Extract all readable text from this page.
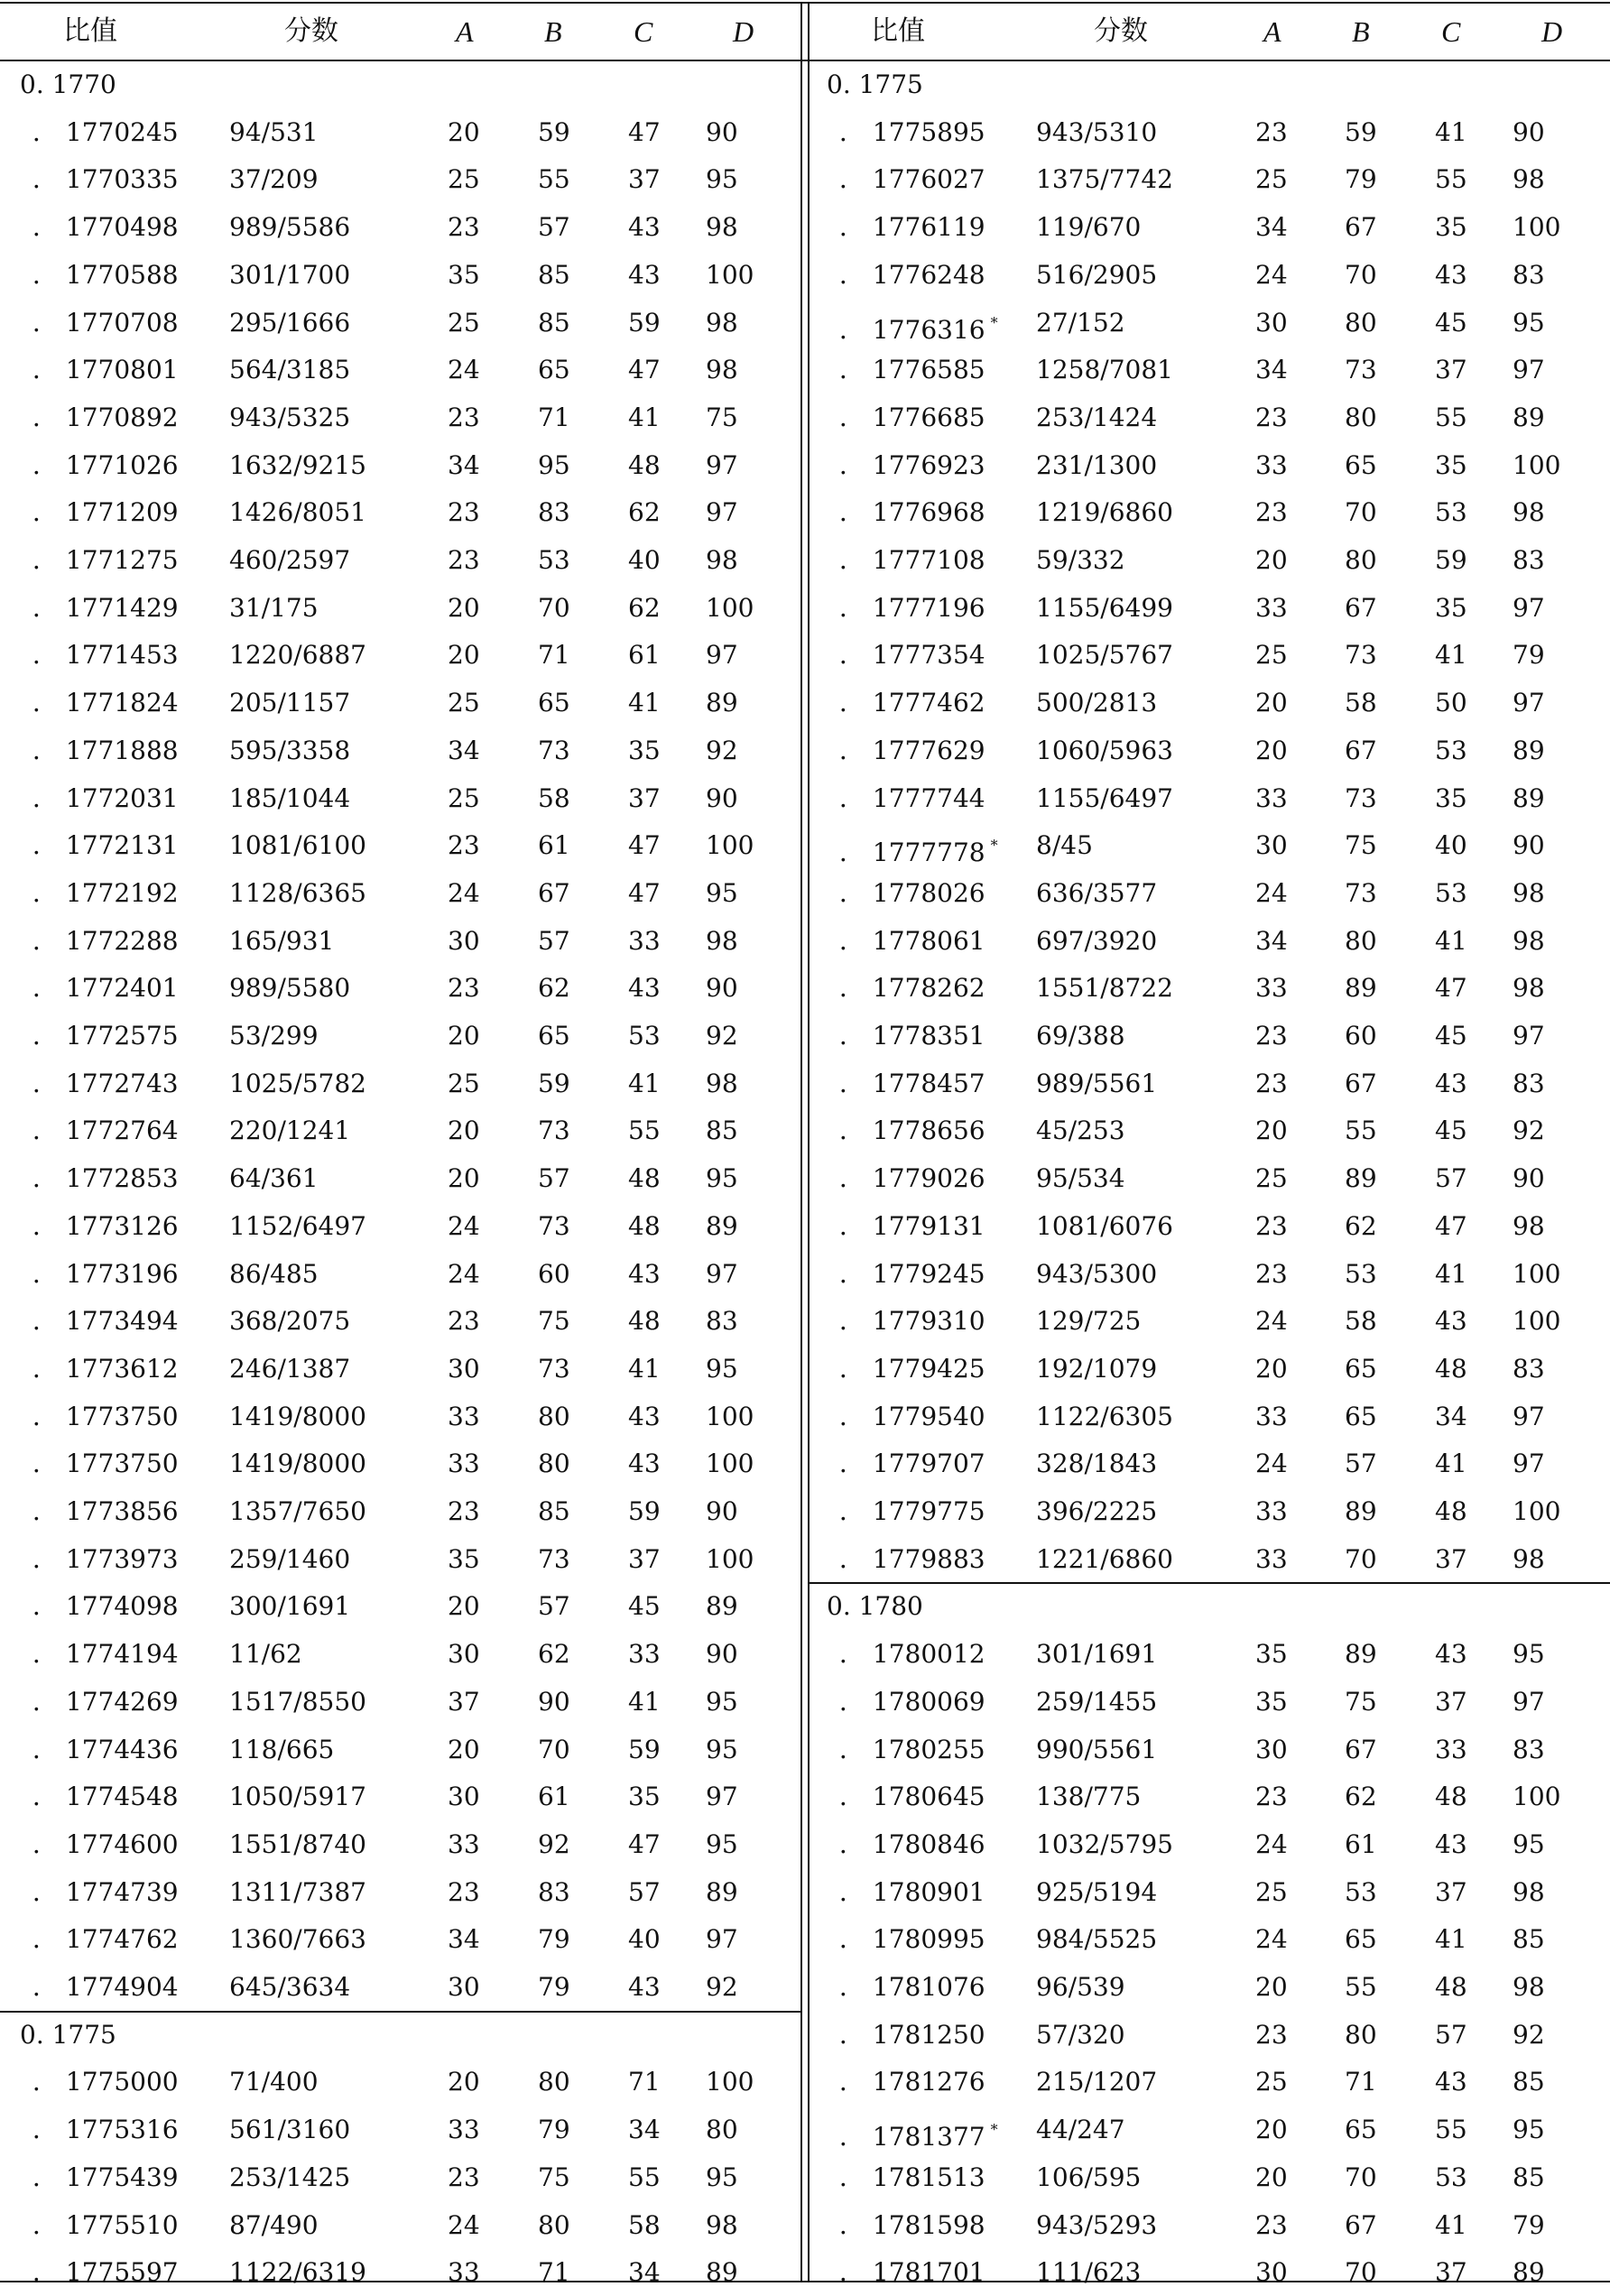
比值	分数	A B C	D
0. 1770
． 1770245 94/531	20 59 47 90
． 1770335 37/209	25 55 37 95
． 1770498 989/5586	23 57 43 98
． 1770588 301/1700	35 85 43 100
． 1770708 295/1666	25 85 59 98
． 1770801 564/3185	24 65 47 98
． 1770892 943/5325	23 71 41 75
． 1771026 1632/9215	34 95 48 97
． 1771209 1426/8051	23 83 62 97
． 1771275 460/2597	23 53 40 98
． 1771429 31/175	20 70 62 100
． 1771453 1220/6887	20 71 61 97
． 1771824 205/1157	25 65 41 89
． 1771888 595/3358	34 73 35 92
． 1772031 185/1044	25 58 37 90
． 1772131 1081/6100	23 61 47 100
． 1772192 1128/6365	24 67 47 95
． 1772288 165/931	30 57 33 98
． 1772401 989/5580	23 62 43 90
． 1772575 53/299	20 65 53 92
． 1772743 1025/5782	25 59 41 98
． 1772764 220/1241	20 73 55 85
． 1772853 64/361	20 57 48 95
． 1773126 1152/6497	24 73 48 89
． 1773196 86/485	24 60 43 97
． 1773494 368/2075	23 75 48 83
． 1773612 246/1387	30 73 41 95
． 1773750 1419/8000	33 80 43 100
． 1773750 1419/8000	33 80 43 100
． 1773856 1357/7650	23 85 59 90
． 1773973 259/1460	35 73 37 100
． 1774098 300/1691	20 57 45 89
． 1774194 11/62	30 62 33 90
． 1774269 1517/8550	37 90 41 95
． 1774436 118/665	20 70 59 95
． 1774548 1050/5917	30 61 35 97
． 1774600 1551/8740	33 92 47 95
． 1774739 1311/7387	23 83 57 89
． 1774762 1360/7663	34 79 40 97
． 1774904 645/3634	30 79 43 92
0. 1775
． 1775000 71/400	20 80 71 100
． 1775316 561/3160	33 79 34 80
． 1775439 253/1425	23 75 55 95
． 1775510 87/490	24 80 58 98
． 1775597 1122/6319	33 71 34 89
比值	分数	A B C	D
0. 1775
． 1775895 943/5310	23 59 41 90
． 1776027 1375/7742	25 79 55 98
． 1776119 119/670	34 67 35 100
． 1776248 516/2905	24 70 43 83
． 1776316 * 27/152	30 80 45 95
． 1776585 1258/7081	34 73 37 97
． 1776685 253/1424	23 80 55 89
． 1776923 231/1300	33 65 35 100
． 1776968 1219/6860	23 70 53 98
． 1777108 59/332	20 80 59 83
． 1777196 1155/6499	33 67 35 97
． 1777354 1025/5767	25 73 41 79
． 1777462 500/2813	20 58 50 97
． 1777629 1060/5963	20 67 53 89
． 1777744 1155/6497	33 73 35 89
． 1777778 * 8/45	30 75 40 90
． 1778026 636/3577	24 73 53 98
． 1778061 697/3920	34 80 41 98
． 1778262 1551/8722	33 89 47 98
． 1778351 69/388	23 60 45 97
． 1778457 989/5561	23 67 43 83
． 1778656 45/253	20 55 45 92
． 1779026 95/534	25 89 57 90
． 1779131 1081/6076	23 62 47 98
． 1779245 943/5300	23 53 41 100
． 1779310 129/725	24 58 43 100
． 1779425 192/1079	20 65 48 83
． 1779540 1122/6305	33 65 34 97
． 1779707 328/1843	24 57 41 97
． 1779775 396/2225	33 89 48 100
． 1779883 1221/6860	33 70 37 98
0. 1780
． 1780012 301/1691	35 89 43 95
． 1780069 259/1455	35 75 37 97
． 1780255 990/5561	30 67 33 83
． 1780645 138/775	23 62 48 100
． 1780846 1032/5795	24 61 43 95
． 1780901 925/5194	25 53 37 98
． 1780995 984/5525	24 65 41 85
． 1781076 96/539	20 55 48 98
． 1781250 57/320	23 80 57 92
． 1781276 215/1207	25 71 43 85
． 1781377 * 44/247	20 65 55 95
． 1781513 106/595	20 70 53 85
． 1781598 943/5293	23 67 41 79
． 1781701 111/623	30 70 37 89
